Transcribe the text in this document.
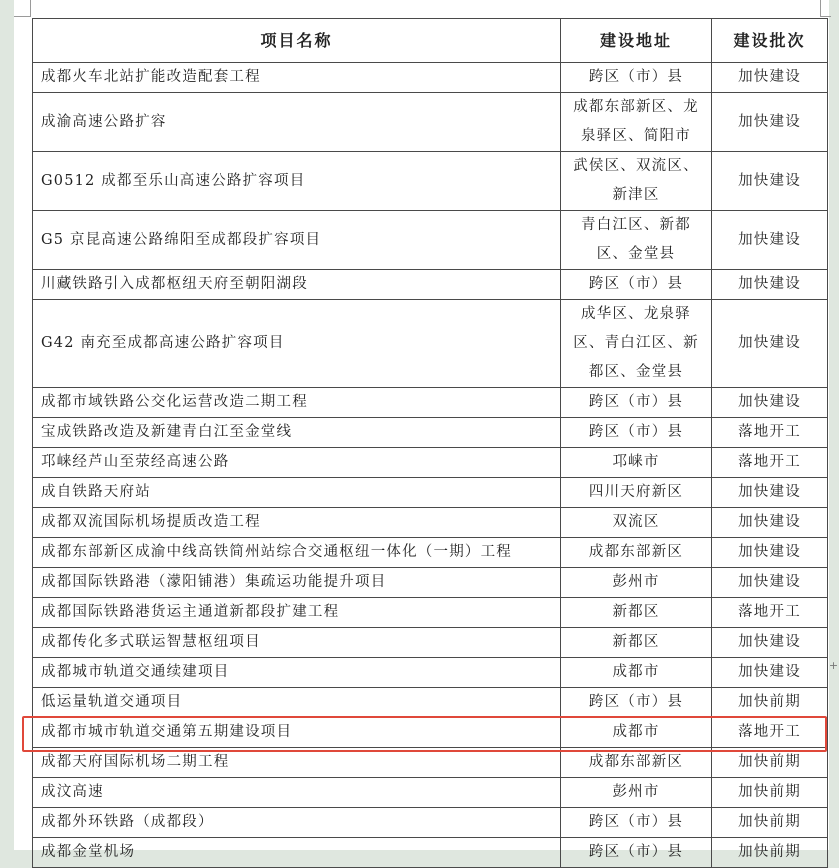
+
项目名称	建设地址	建设批次
成都火车北站扩能改造配套工程	跨区（市）县	加快建设
成渝高速公路扩容	成都东部新区、龙泉驿区、简阳市	加快建设
G0512 成都至乐山高速公路扩容项目	武侯区、双流区、新津区	加快建设
G5 京昆高速公路绵阳至成都段扩容项目	青白江区、新都区、金堂县	加快建设
川藏铁路引入成都枢纽天府至朝阳湖段	跨区（市）县	加快建设
G42 南充至成都高速公路扩容项目	成华区、龙泉驿区、青白江区、新都区、金堂县	加快建设
成都市域铁路公交化运营改造二期工程	跨区（市）县	加快建设
宝成铁路改造及新建青白江至金堂线	跨区（市）县	落地开工
邛崃经芦山至荥经高速公路	邛崃市	落地开工
成自铁路天府站	四川天府新区	加快建设
成都双流国际机场提质改造工程	双流区	加快建设
成都东部新区成渝中线高铁简州站综合交通枢纽一体化（一期）工程	成都东部新区	加快建设
成都国际铁路港（濛阳铺港）集疏运功能提升项目	彭州市	加快建设
成都国际铁路港货运主通道新都段扩建工程	新都区	落地开工
成都传化多式联运智慧枢纽项目	新都区	加快建设
成都城市轨道交通续建项目	成都市	加快建设
低运量轨道交通项目	跨区（市）县	加快前期
成都市城市轨道交通第五期建设项目	成都市	落地开工
成都天府国际机场二期工程	成都东部新区	加快前期
成汶高速	彭州市	加快前期
成都外环铁路（成都段）	跨区（市）县	加快前期
成都金堂机场	跨区（市）县	加快前期
